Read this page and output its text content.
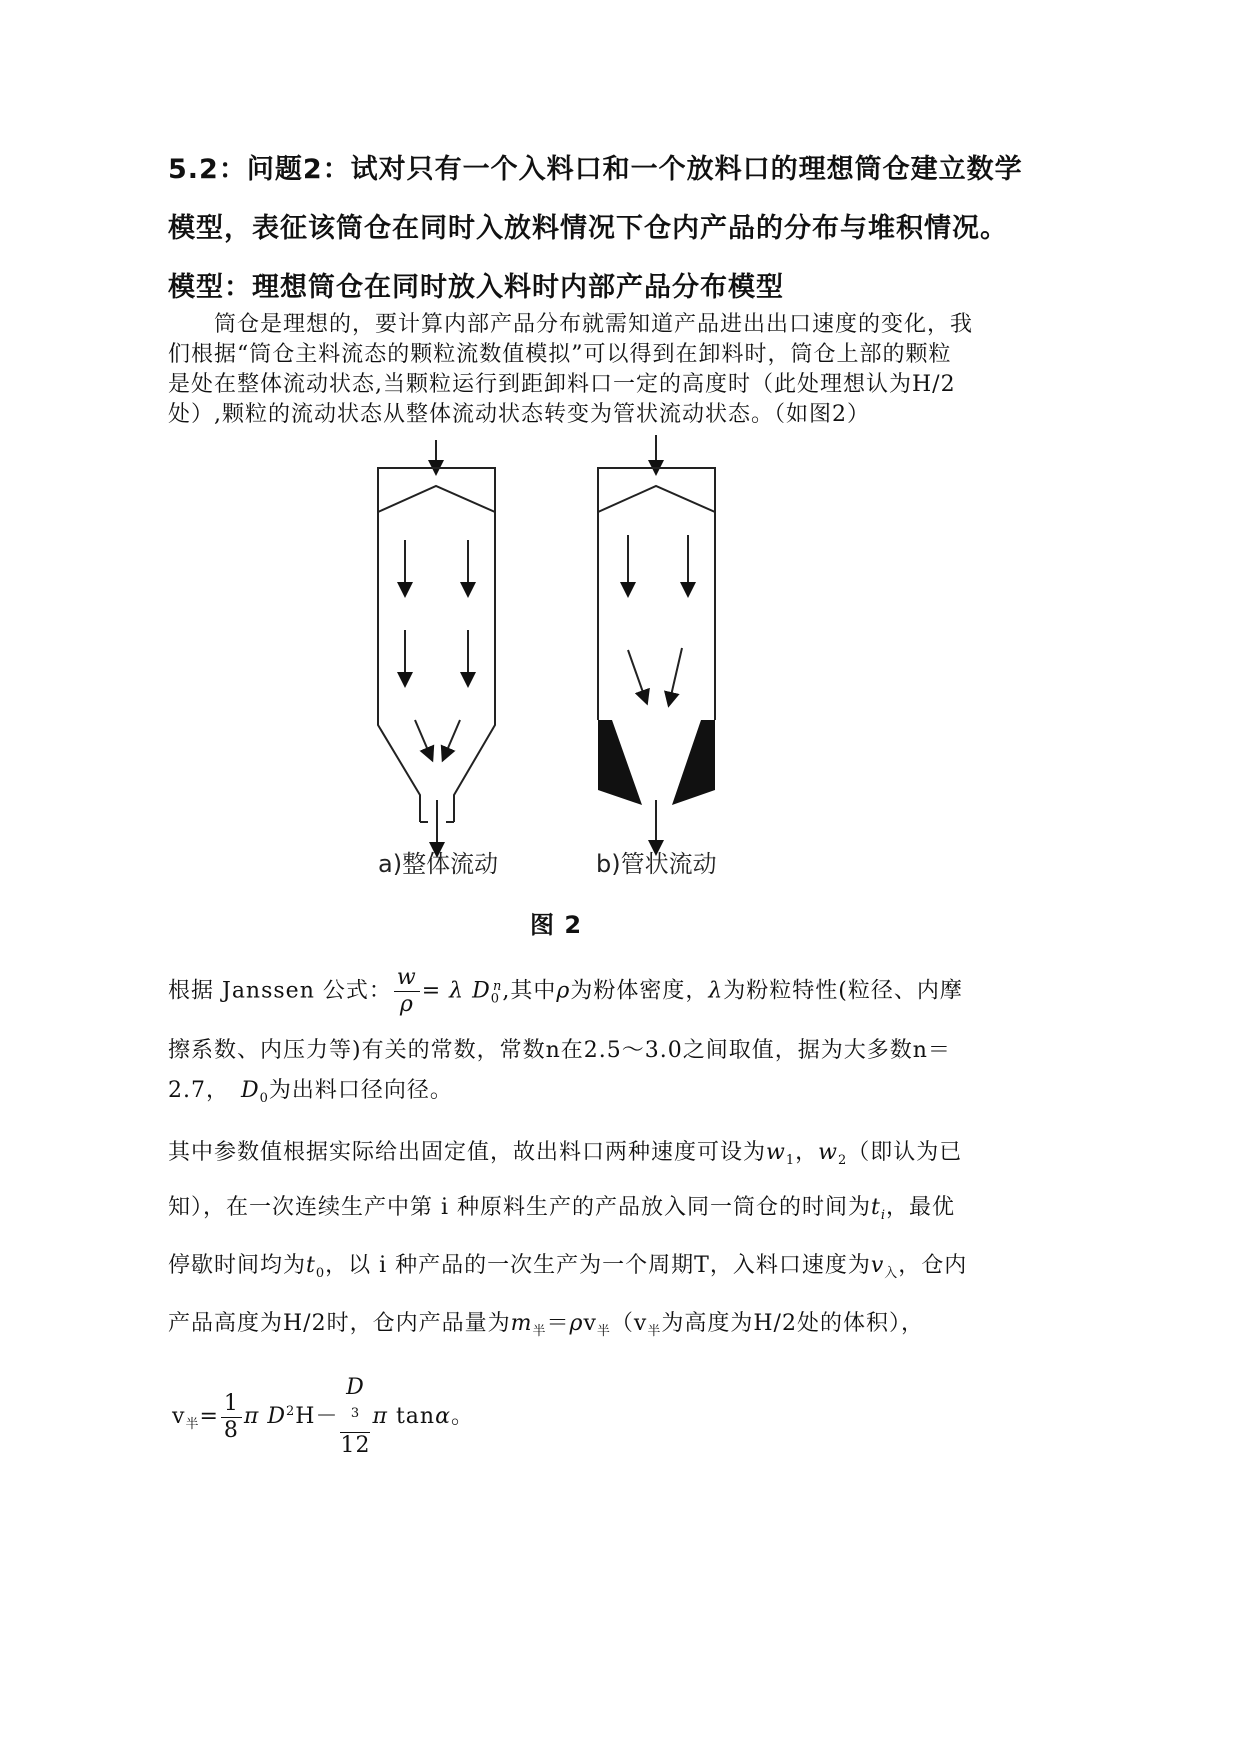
5.2：问题2：试对只有一个入料口和一个放料口的理想筒仓建立数学
模型，表征该筒仓在同时入放料情况下仓内产品的分布与堆积情况。
模型：理想筒仓在同时放入料时内部产品分布模型
　　筒仓是理想的，要计算内部产品分布就需知道产品进出出口速度的变化，我
们根据“筒仓主料流态的颗粒流数值模拟”可以得到在卸料时，筒仓上部的颗粒
是处在整体流动状态,当颗粒运行到距卸料口一定的高度时（此处理想认为H/2
处）,颗粒的流动状态从整体流动状态转变为管状流动状态。（如图2）
a)整体流动	b)管状流动
图 2
根据 Janssen 公式： $\frac{w}{\rho} = \lambda$ $D_0^n$,其中ρ为粉体密度，λ为粉粒特性(粒径、内摩
擦系数、内压力等)有关的常数，常数n在2.5～3.0之间取值，据为大多数n＝
2.7， $D_0$为出料口径向径。
其中参数值根据实际给出固定值，故出料口两种速度可设为$w_1$，$w_2$（即认为已
知），在一次连续生产中第 i 种原料生产的产品放入同一筒仓的时间为$t_i$，最优
停歇时间均为$t_0$，以 i 种产品的一次生产为一个周期T，入料口速度为$v_入$，仓内
产品高度为H/2时，仓内产品量为$m_半=\rho v_半(v_半$为高度为H/2处的体积），
$v_半= \frac{1}{8}$ π $D^2H- D$
$^3$
12 π tanα。
